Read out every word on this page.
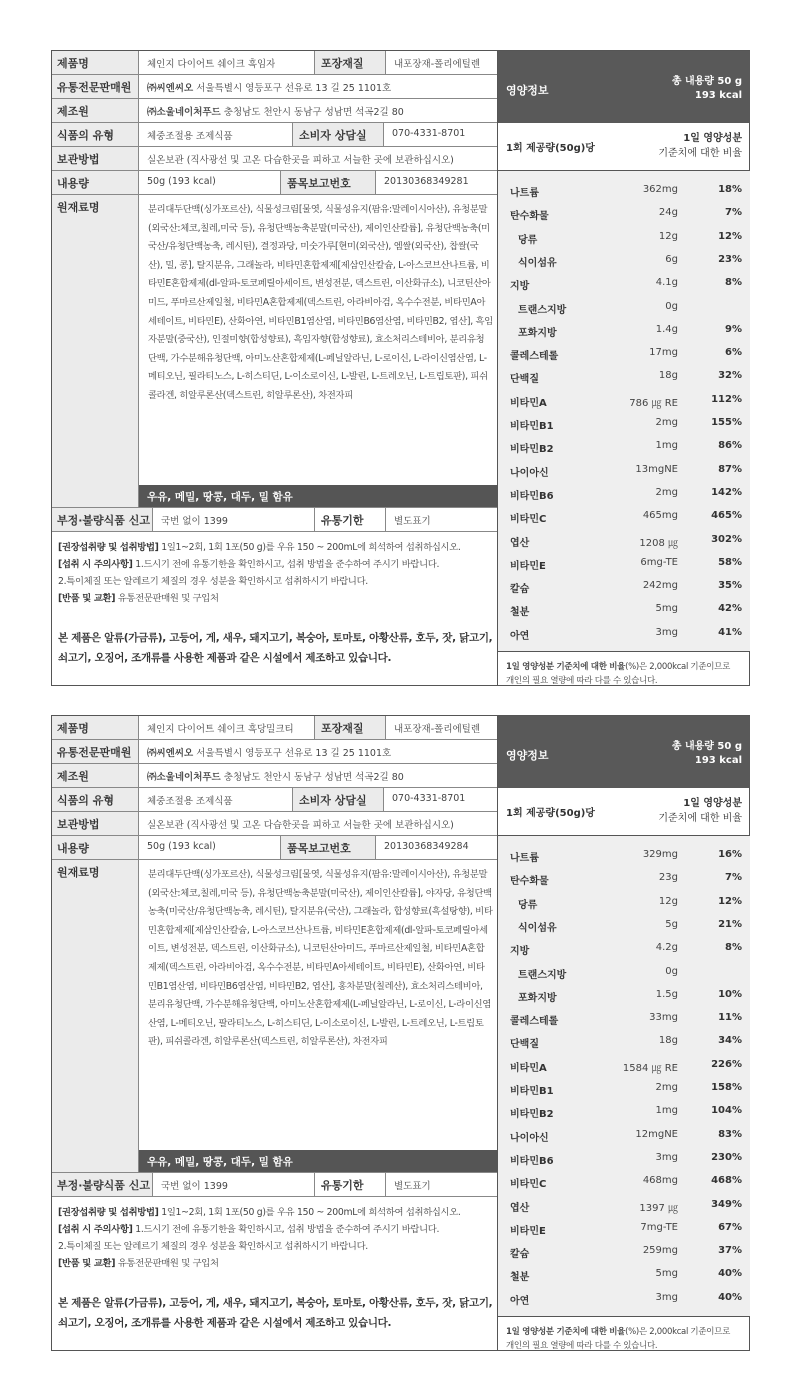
제품명	체인지 다이어트 쉐이크 흑임자	포장재질	내포장재-폴리에틸렌
유통전문판매원	㈜씨엔씨오 서울특별시 영등포구 선유로 13 길 25 1101호
제조원	㈜소울네이처푸드 충청남도 천안시 동남구 성남면 석곡2길 80
식품의 유형	체중조절용 조제식품	소비자 상담실	070-4331-8701
보관방법	실온보관 (직사광선 및 고온 다습한곳을 피하고 서늘한 곳에 보관하십시오)
내용량	50g (193 kcal)	품목보고번호	20130368349281
원재료명	분리대두단백(싱가포르산), 식물성크림[물엿, 식물성유지(팜유:말레이시아산), 유청분말(외국산:체코,칠레,미국 등), 유청단백농축분말(미국산), 제이인산칼륨], 유청단백농축(미국산/유청단백농축, 레시틴), 결정과당, 미숫가루[현미(외국산), 엠쌀(외국산), 찹쌀(국산), 밀, 콩], 탈지분유, 그래놀라, 비타민혼합제제[제삼인산칼슘, L-아스코브산나트륨, 비타민E혼합제제(dl-알파-토코페릴아세이트, 변성전분, 덱스트린, 이산화규소), 니코틴산아미드, 푸마르산제일철, 비타민A혼합제제(덱스트린, 아라비아검, 옥수수전분, 비타민A아세테이트, 비타민E), 산화아연, 비타민B1염산염, 비타민B6염산염, 비타민B2, 엽산], 흑임자분말(중국산), 인절미향(합성향료), 흑임자향(합성향료), 효소처리스테비아, 분리유청단백, 가수분해유청단백, 아미노산혼합제제(L-페닐알라닌, L-로이신, L-라이신염산염, L-메티오닌, 필라티노스, L-히스티딘, L-이소로이신, L-발린, L-트레오닌, L-트립토판), 피쉬콜라겐, 히알루론산(덱스트린, 히알루론산), 차전자피
우유, 메밀, 땅콩, 대두, 밀 함유
부정·불량식품 신고	국번 없이 1399	유통기한	별도표기
[권장섭취량 및 섭취방법] 1일1~2회, 1회 1포(50 g)를 우유 150 ~ 200mL에 희석하여 섭취하십시오.
[섭취 시 주의사항] 1.드시기 전에 유통기한을 확인하시고, 섭취 방법을 준수하여 주시기 바랍니다.
2.특이체질 또는 알레르기 체질의 경우 성분을 확인하시고 섭취하시기 바랍니다.
[반품 및 교환] 유통전문판매원 및 구입처
본 제품은 알류(가금류), 고등어, 게, 새우, 돼지고기, 복숭아, 토마토, 아황산류, 호두, 잣, 닭고기, 쇠고기, 오징어, 조개류를 사용한 제품과 같은 시설에서 제조하고 있습니다.
영양정보
총 내용량 50 g
193 kcal
1회 제공량(50g)당
1일 영양성분
기준치에 대한 비율
나트륨	362mg	18%
탄수화물	24g	7%
당류	12g	12%
식이섬유	6g	23%
지방	4.1g	8%
트랜스지방	0g
포화지방	1.4g	9%
콜레스테롤	17mg	6%
단백질	18g	32%
비타민A	786 ㎍ RE	112%
비타민B1	2mg	155%
비타민B2	1mg	86%
나이아신	13mgNE	87%
비타민B6	2mg	142%
비타민C	465mg	465%
엽산	1208 ㎍	302%
비타민E	6mg-TE	58%
칼슘	242mg	35%
철분	5mg	42%
아연	3mg	41%
1일 영양성분 기준치에 대한 비율(%)은 2,000kcal 기준이므로
개인의 필요 열량에 따라 다를 수 있습니다.
제품명	체인지 다이어트 쉐이크 흑당밀크티	포장재질	내포장재-폴리에틸렌
유통전문판매원	㈜씨엔씨오 서울특별시 영등포구 선유로 13 길 25 1101호
제조원	㈜소울네이처푸드 충청남도 천안시 동남구 성남면 석곡2길 80
식품의 유형	체중조절용 조제식품	소비자 상담실	070-4331-8701
보관방법	실온보관 (직사광선 및 고온 다습한곳을 피하고 서늘한 곳에 보관하십시오)
내용량	50g (193 kcal)	품목보고번호	20130368349284
원재료명	분리대두단백(싱가포르산), 식물성크림[물엿, 식물성유지(팜유:말레이시아산), 유청분말(외국산:체코,칠레,미국 등), 유청단백농축분말(미국산), 제이인산칼륨], 야자당, 유청단백농축(미국산/유청단백농축, 레시틴), 탈지분유(국산), 그래놀라, 합성향료(흑설탕향), 비타민혼합제제[제삼인산칼슘, L-아스코브산나트륨, 비타민E혼합제제(dl-알파-토코페릴아세이트, 변성전분, 덱스트린, 이산화규소), 니코틴산아미드, 푸마르산제일철, 비타민A혼합제제(덱스트린, 아라비아검, 옥수수전분, 비타민A아세테이트, 비타민E), 산화아연, 비타민B1염산염, 비타민B6염산염, 비타민B2, 엽산], 홍차분말(칠레산), 효소처리스테비아, 분리유청단백, 가수분해유청단백, 아미노산혼합제제(L-페닐알라닌, L-로이신, L-라이신염산염, L-메티오닌, 팔라티노스, L-히스티딘, L-이소로이신, L-발린, L-트레오닌, L-트립토판), 피쉬콜라겐, 히알루론산(덱스트린, 히알루론산), 차전자피
우유, 메밀, 땅콩, 대두, 밀 함유
부정·불량식품 신고	국번 없이 1399	유통기한	별도표기
[권장섭취량 및 섭취방법] 1일1~2회, 1회 1포(50 g)를 우유 150 ~ 200mL에 희석하여 섭취하십시오.
[섭취 시 주의사항] 1.드시기 전에 유통기한을 확인하시고, 섭취 방법을 준수하여 주시기 바랍니다.
2.특이체질 또는 알레르기 체질의 경우 성분을 확인하시고 섭취하시기 바랍니다.
[반품 및 교환] 유통전문판매원 및 구입처
본 제품은 알류(가금류), 고등어, 게, 새우, 돼지고기, 복숭아, 토마토, 아황산류, 호두, 잣, 닭고기, 쇠고기, 오징어, 조개류를 사용한 제품과 같은 시설에서 제조하고 있습니다.
영양정보
총 내용량 50 g
193 kcal
1회 제공량(50g)당
1일 영양성분
기준치에 대한 비율
나트륨	329mg	16%
탄수화물	23g	7%
당류	12g	12%
식이섬유	5g	21%
지방	4.2g	8%
트랜스지방	0g
포화지방	1.5g	10%
콜레스테롤	33mg	11%
단백질	18g	34%
비타민A	1584 ㎍ RE	226%
비타민B1	2mg	158%
비타민B2	1mg	104%
나이아신	12mgNE	83%
비타민B6	3mg	230%
비타민C	468mg	468%
엽산	1397 ㎍	349%
비타민E	7mg-TE	67%
칼슘	259mg	37%
철분	5mg	40%
아연	3mg	40%
1일 영양성분 기준치에 대한 비율(%)은 2,000kcal 기준이므로
개인의 필요 열량에 따라 다를 수 있습니다.
